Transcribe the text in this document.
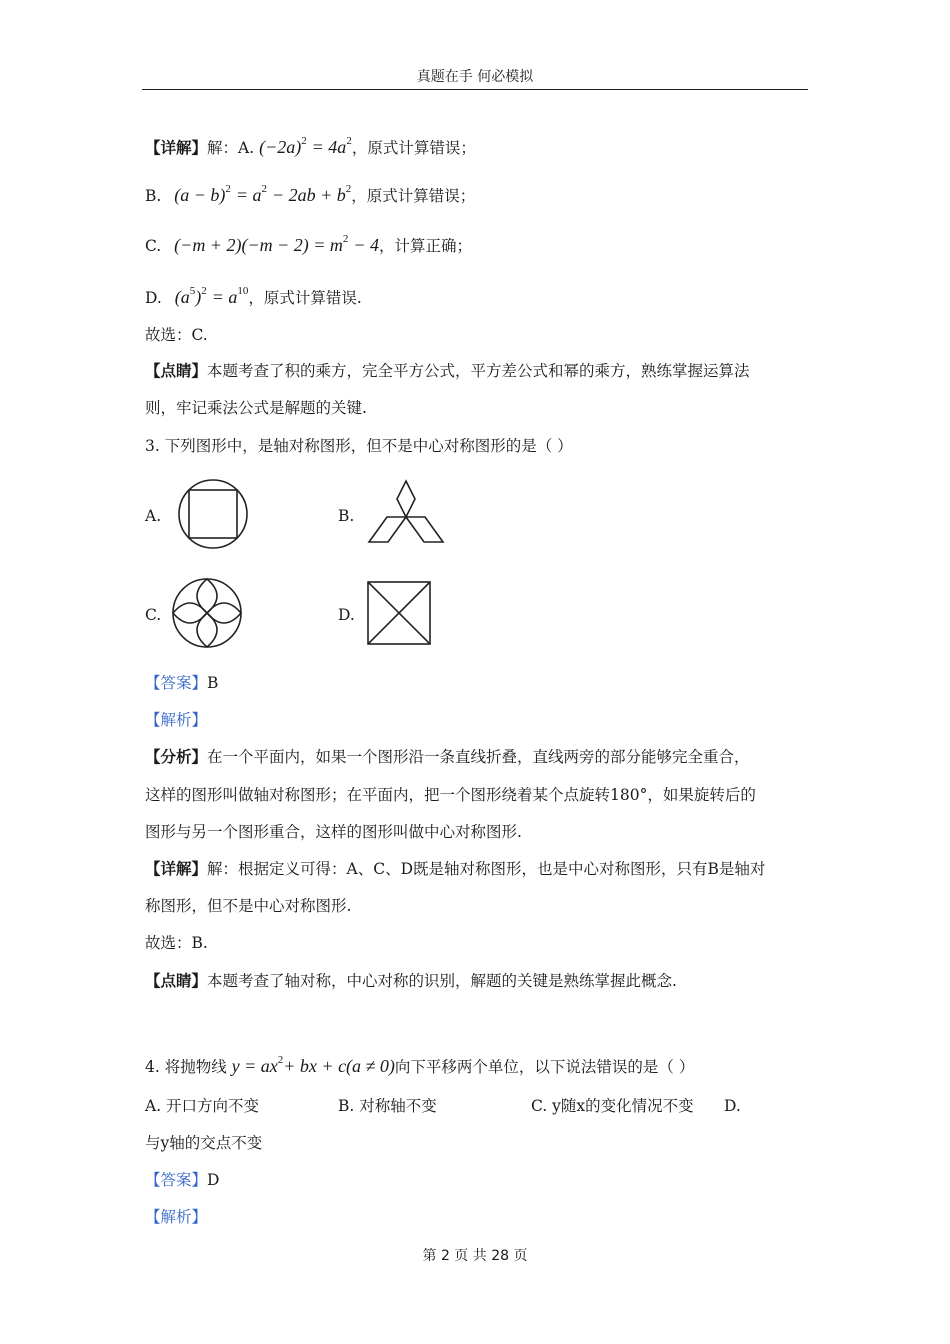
真题在手 何必模拟
【详解】解：A. $(-2a)^2 = 4a^2$，原式计算错误；
B. $(a - b)^2 = a^2 - 2ab + b^2$，原式计算错误；
C. $(-m + 2)(-m - 2) = m^2 - 4$，计算正确；
D. $(a^5)^2 = a^{10}$，原式计算错误.
故选：C.
【点睛】本题考查了积的乘方，完全平方公式，平方差公式和幂的乘方，熟练掌握运算法
则，牢记乘法公式是解题的关键.
3. 下列图形中，是轴对称图形，但不是中心对称图形的是（ ）
A.	B.
C.	D.
【答案】B
【解析】
【分析】在一个平面内，如果一个图形沿一条直线折叠，直线两旁的部分能够完全重合，
这样的图形叫做轴对称图形；在平面内，把一个图形绕着某个点旋转180°，如果旋转后的
图形与另一个图形重合，这样的图形叫做中心对称图形.
【详解】解：根据定义可得：A、C、D既是轴对称图形，也是中心对称图形，只有B是轴对
称图形，但不是中心对称图形.
故选：B.
【点睛】本题考查了轴对称，中心对称的识别，解题的关键是熟练掌握此概念.
4. 将抛物线 $y = ax^2+$ bx + c(a ≠ 0)向下平移两个单位，以下说法错误的是（ ）
A. 开口方向不变	B. 对称轴不变	C. y随x的变化情况不变 D.
与y轴的交点不变
【答案】D
【解析】
第 2 页 共 28 页
